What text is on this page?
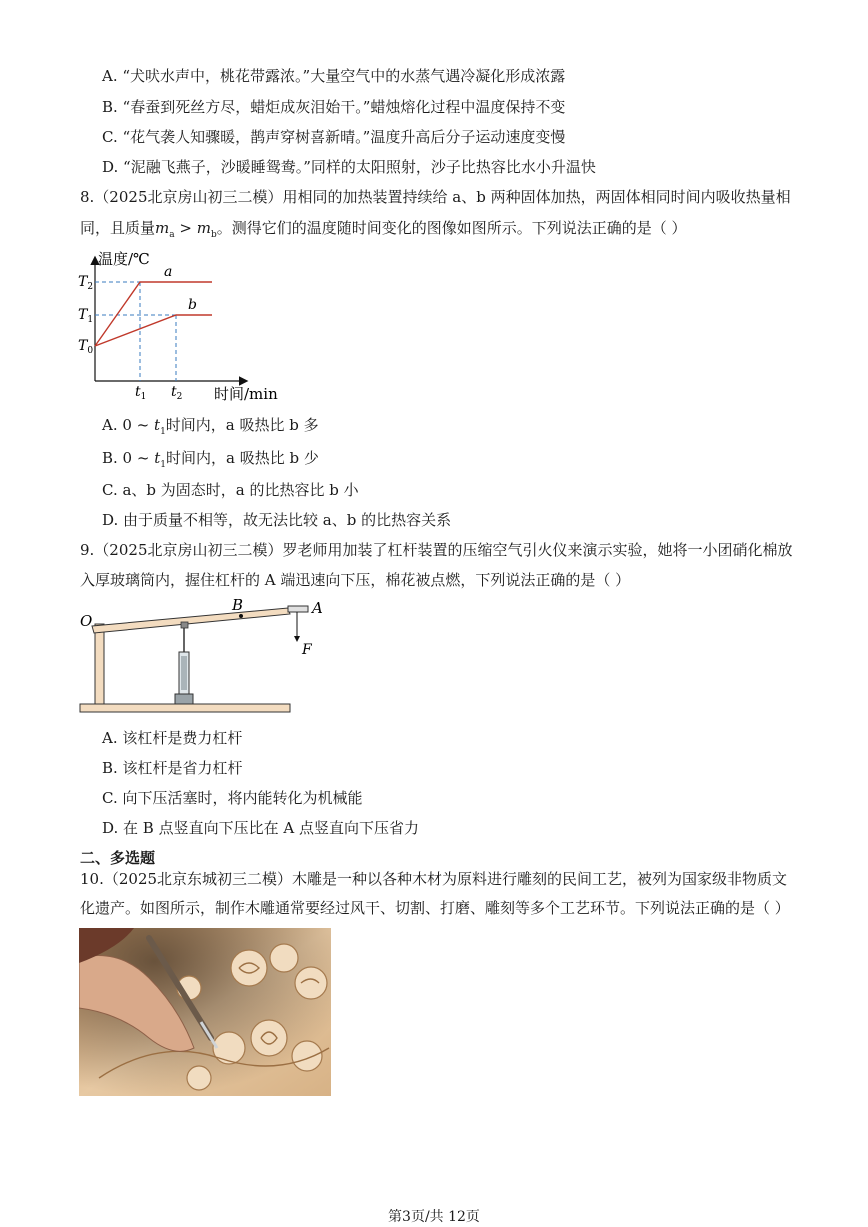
A. “犬吠水声中，桃花带露浓。”大量空气中的水蒸气遇冷凝化形成浓露
B. “春蚕到死丝方尽，蜡炬成灰泪始干。”蜡烛熔化过程中温度保持不变
C. “花气袭人知骤暖，鹊声穿树喜新晴。”温度升高后分子运动速度变慢
D. “泥融飞燕子，沙暖睡鸳鸯。”同样的太阳照射，沙子比热容比水小升温快
8.（2025北京房山初三二模）用相同的加热装置持续给 a、b 两种固体加热，两固体相同时间内吸收热量相
同，且质量$m_a > m_b$。测得它们的温度随时间变化的图像如图所示。下列说法正确的是（ ）
温度/℃
时间/min
$T_2$
$T_1$
$T_0$
$t_1$ $t_2$
a
b
A. 0 ~ $t_1$时间内，a 吸热比 b 多
B. 0 ~ $t_1$时间内，a 吸热比 b 少
C. a、b 为固态时，a 的比热容比 b 小
D. 由于质量不相等，故无法比较 a、b 的比热容关系
9.（2025北京房山初三二模）罗老师用加装了杠杆装置的压缩空气引火仪来演示实验，她将一小团硝化棉放
入厚玻璃筒内，握住杠杆的 A 端迅速向下压，棉花被点燃，下列说法正确的是（ ）
O
B	A
F
A. 该杠杆是费力杠杆
B. 该杠杆是省力杠杆
C. 向下压活塞时，将内能转化为机械能
D. 在 B 点竖直向下压比在 A 点竖直向下压省力
二、多选题
10.（2025北京东城初三二模）木雕是一种以各种木材为原料进行雕刻的民间工艺，被列为国家级非物质文
化遗产。如图所示，制作木雕通常要经过风干、切割、打磨、雕刻等多个工艺环节。下列说法正确的是（ ）
第3页/共 12页
